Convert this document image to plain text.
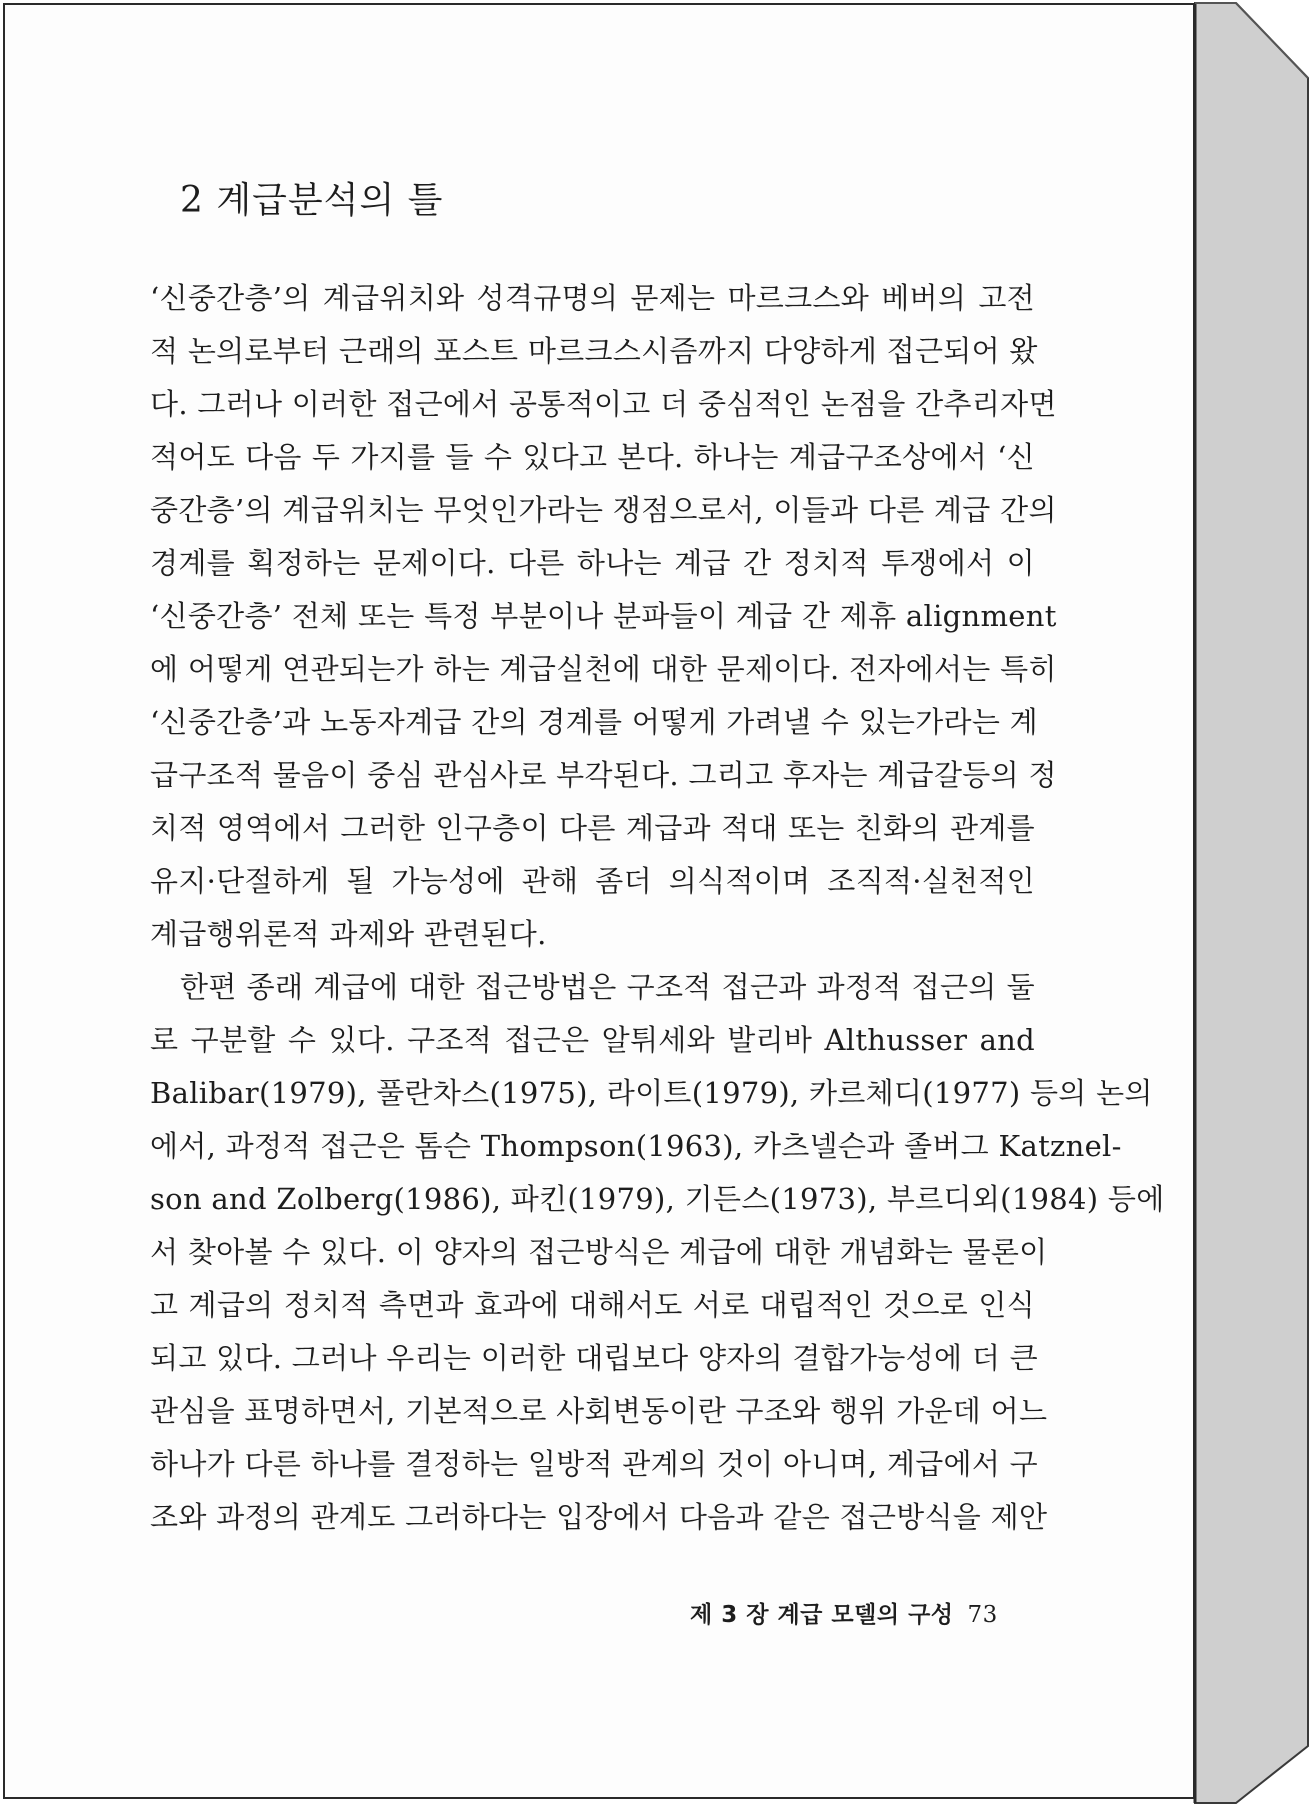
2 계급분석의 틀
‘신중간층’의 계급위치와 성격규명의 문제는 마르크스와 베버의 고전
적 논의로부터 근래의 포스트 마르크스시즘까지 다양하게 접근되어 왔
다. 그러나 이러한 접근에서 공통적이고 더 중심적인 논점을 간추리자면
적어도 다음 두 가지를 들 수 있다고 본다. 하나는 계급구조상에서 ‘신
중간층’의 계급위치는 무엇인가라는 쟁점으로서, 이들과 다른 계급 간의
경계를 획정하는 문제이다. 다른 하나는 계급 간 정치적 투쟁에서 이
‘신중간층’ 전체 또는 특정 부분이나 분파들이 계급 간 제휴 alignment
에 어떻게 연관되는가 하는 계급실천에 대한 문제이다. 전자에서는 특히
‘신중간층’과 노동자계급 간의 경계를 어떻게 가려낼 수 있는가라는 계
급구조적 물음이 중심 관심사로 부각된다. 그리고 후자는 계급갈등의 정
치적 영역에서 그러한 인구층이 다른 계급과 적대 또는 친화의 관계를
유지·단절하게 될 가능성에 관해 좀더 의식적이며 조직적·실천적인
계급행위론적 과제와 관련된다.
한편 종래 계급에 대한 접근방법은 구조적 접근과 과정적 접근의 둘
로 구분할 수 있다. 구조적 접근은 알튀세와 발리바 Althusser and
Balibar(1979), 풀란차스(1975), 라이트(1979), 카르체디(1977) 등의 논의
에서, 과정적 접근은 톰슨 Thompson(1963), 카츠넬슨과 졸버그 Katznel-
son and Zolberg(1986), 파킨(1979), 기든스(1973), 부르디외(1984) 등에
서 찾아볼 수 있다. 이 양자의 접근방식은 계급에 대한 개념화는 물론이
고 계급의 정치적 측면과 효과에 대해서도 서로 대립적인 것으로 인식
되고 있다. 그러나 우리는 이러한 대립보다 양자의 결합가능성에 더 큰
관심을 표명하면서, 기본적으로 사회변동이란 구조와 행위 가운데 어느
하나가 다른 하나를 결정하는 일방적 관계의 것이 아니며, 계급에서 구
조와 과정의 관계도 그러하다는 입장에서 다음과 같은 접근방식을 제안
제 3 장 계급 모델의 구성 73
